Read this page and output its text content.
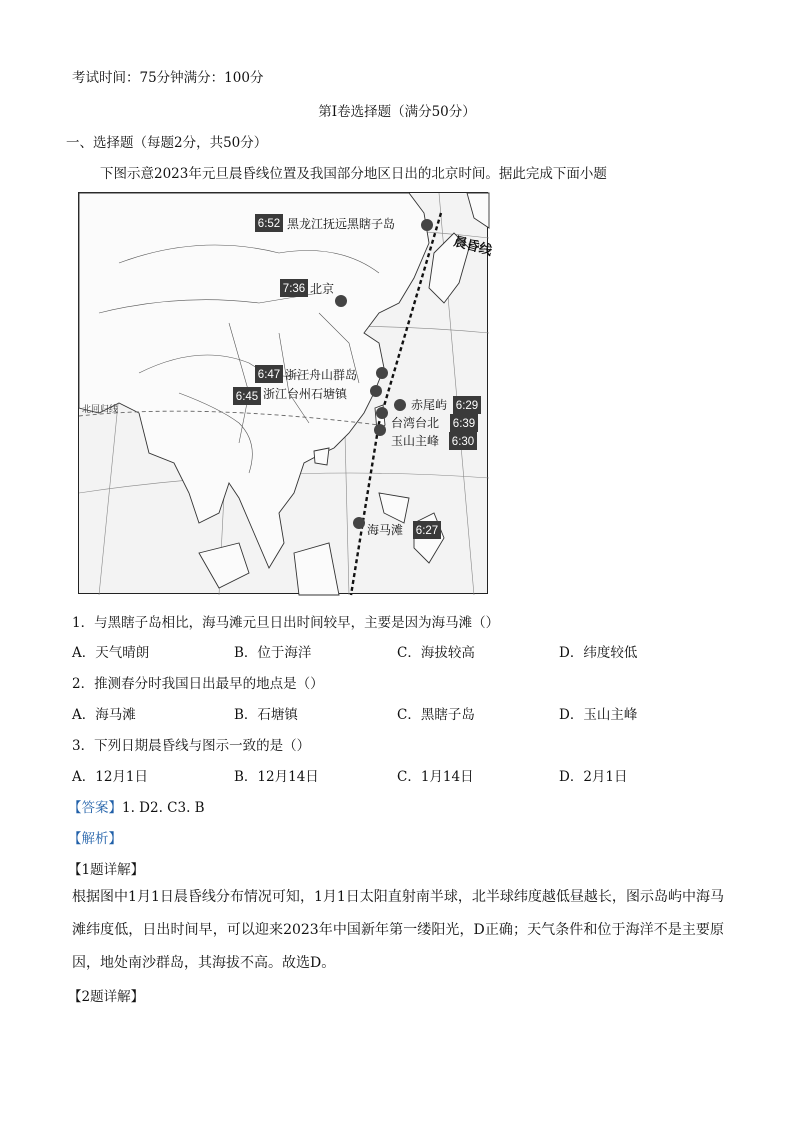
考试时间：75分钟满分：100分
第Ⅰ卷选择题（满分50分）
一、选择题（每题2分，共50分）
下图示意2023年元旦晨昏线位置及我国部分地区日出的北京时间。据此完成下面小题
北回归线
晨昏线
6:52 黑龙江抚远黑瞎子岛
7:36 北京
6:47 浙江舟山群岛
6:45 浙江台州石塘镇
赤尾屿 6:29
台湾台北 6:39
玉山主峰 6:30
海马滩 6:27
1．与黑瞎子岛相比，海马滩元旦日出时间较早，主要是因为海马滩（）
A．天气晴朗	B．位于海洋	C．海拔较高	D．纬度较低
2．推测春分时我国日出最早的地点是（）
A．海马滩	B．石塘镇	C．黑瞎子岛	D．玉山主峰
3．下列日期晨昏线与图示一致的是（）
A．12月1日	B．12月14日	C．1月14日	D．2月1日
【答案】1. D2. C3. B
【解析】
【1题详解】
根据图中1月1日晨昏线分布情况可知，1月1日太阳直射南半球，北半球纬度越低昼越长，图示岛屿中海马滩纬度低，日出时间早，可以迎来2023年中国新年第一缕阳光，D正确；天气条件和位于海洋不是主要原因，地处南沙群岛，其海拔不高。故选D。
【2题详解】
